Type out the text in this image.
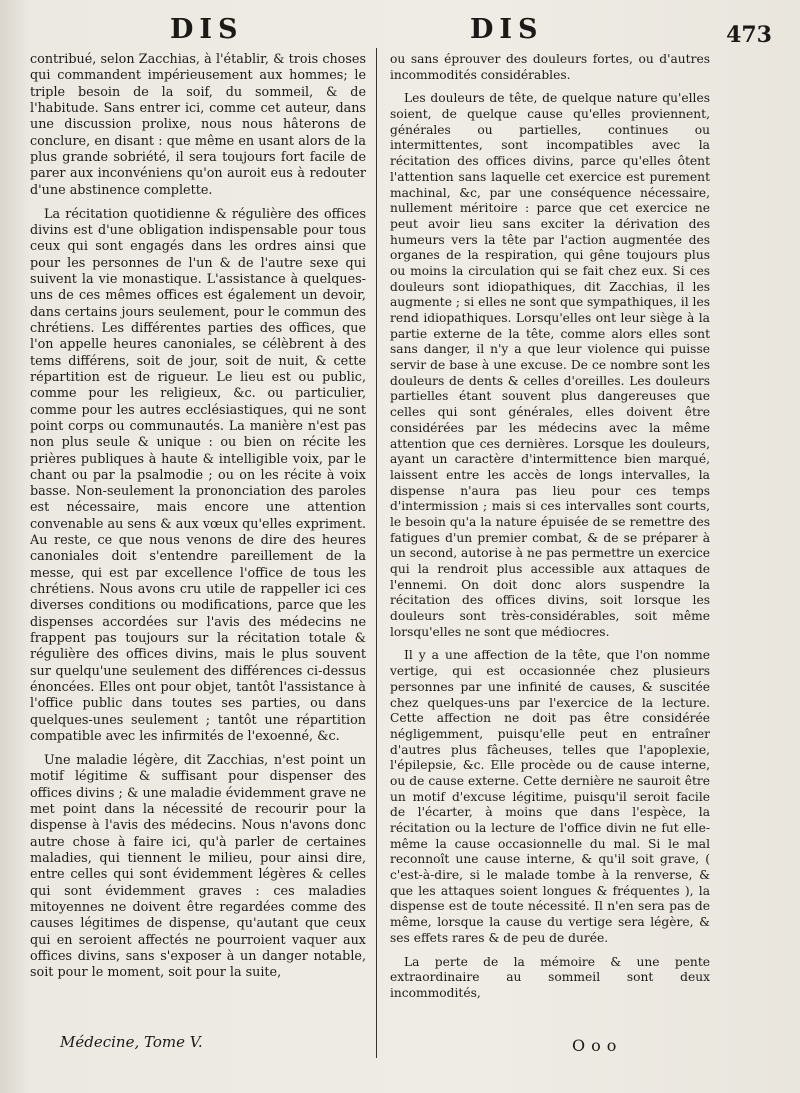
DIS	DIS	473

contribué, selon Zacchias, à l'établir, & trois choses qui commandent impérieusement aux hommes; le triple besoin de la soif, du sommeil, & de l'habitude. Sans entrer ici, comme cet auteur, dans une discussion prolixe, nous nous hâterons de conclure, en disant : que même en usant alors de la plus grande sobriété, il sera toujours fort facile de parer aux inconvéniens qu'on auroit eus à redouter d'une abstinence complette.

La récitation quotidienne & régulière des offices divins est d'une obligation indispensable pour tous ceux qui sont engagés dans les ordres ainsi que pour les personnes de l'un & de l'autre sexe qui suivent la vie monastique. L'assistance à quelques-uns de ces mêmes offices est également un devoir, dans certains jours seulement, pour le commun des chrétiens. Les différentes parties des offices, que l'on appelle heures canoniales, se célèbrent à des tems différens, soit de jour, soit de nuit, & cette répartition est de rigueur. Le lieu est ou public, comme pour les religieux, &c. ou particulier, comme pour les autres ecclésiastiques, qui ne sont point corps ou communautés. La manière n'est pas non plus seule & unique : ou bien on récite les prières publiques à haute & intelligible voix, par le chant ou par la psalmodie ; ou on les récite à voix basse. Non-seulement la prononciation des paroles est nécessaire, mais encore une attention convenable au sens & aux vœux qu'elles expriment. Au reste, ce que nous venons de dire des heures canoniales doit s'entendre pareillement de la messe, qui est par excellence l'office de tous les chrétiens. Nous avons cru utile de rappeller ici ces diverses conditions ou modifications, parce que les dispenses accordées sur l'avis des médecins ne frappent pas toujours sur la récitation totale & régulière des offices divins, mais le plus souvent sur quelqu'une seulement des différences ci-dessus énoncées. Elles ont pour objet, tantôt l'assistance à l'office public dans toutes ses parties, ou dans quelques-unes seulement ; tantôt une répartition compatible avec les infirmités de l'exoenné, &c.

Une maladie légère, dit Zacchias, n'est point un motif légitime & suffisant pour dispenser des offices divins ; & une maladie évidemment grave ne met point dans la nécessité de recourir pour la dispense à l'avis des médecins. Nous n'avons donc autre chose à faire ici, qu'à parler de certaines maladies, qui tiennent le milieu, pour ainsi dire, entre celles qui sont évidemment légères & celles qui sont évidemment graves : ces maladies mitoyennes ne doivent être regardées comme des causes légitimes de dispense, qu'autant que ceux qui en seroient affectés ne pourroient vaquer aux offices divins, sans s'exposer à un danger notable, soit pour le moment, soit pour la suite,

ou sans éprouver des douleurs fortes, ou d'autres incommodités considérables.

Les douleurs de tête, de quelque nature qu'elles soient, de quelque cause qu'elles proviennent, générales ou partielles, continues ou intermittentes, sont incompatibles avec la récitation des offices divins, parce qu'elles ôtent l'attention sans laquelle cet exercice est purement machinal, &c, par une conséquence nécessaire, nullement méritoire : parce que cet exercice ne peut avoir lieu sans exciter la dérivation des humeurs vers la tête par l'action augmentée des organes de la respiration, qui gêne toujours plus ou moins la circulation qui se fait chez eux. Si ces douleurs sont idiopathiques, dit Zacchias, il les augmente ; si elles ne sont que sympathiques, il les rend idiopathiques. Lorsqu'elles ont leur siège à la partie externe de la tête, comme alors elles sont sans danger, il n'y a que leur violence qui puisse servir de base à une excuse. De ce nombre sont les douleurs de dents & celles d'oreilles. Les douleurs partielles étant souvent plus dangereuses que celles qui sont générales, elles doivent être considérées par les médecins avec la même attention que ces dernières. Lorsque les douleurs, ayant un caractère d'intermittence bien marqué, laissent entre les accès de longs intervalles, la dispense n'aura pas lieu pour ces temps d'intermission ; mais si ces intervalles sont courts, le besoin qu'a la nature épuisée de se remettre des fatigues d'un premier combat, & de se préparer à un second, autorise à ne pas permettre un exercice qui la rendroit plus accessible aux attaques de l'ennemi. On doit donc alors suspendre la récitation des offices divins, soit lorsque les douleurs sont très-considérables, soit même lorsqu'elles ne sont que médiocres.

Il y a une affection de la tête, que l'on nomme vertige, qui est occasionnée chez plusieurs personnes par une infinité de causes, & suscitée chez quelques-uns par l'exercice de la lecture. Cette affection ne doit pas être considérée négligemment, puisqu'elle peut en entraîner d'autres plus fâcheuses, telles que l'apoplexie, l'épilepsie, &c. Elle procède ou de cause interne, ou de cause externe. Cette dernière ne sauroit être un motif d'excuse légitime, puisqu'il seroit facile de l'écarter, à moins que dans l'espèce, la récitation ou la lecture de l'office divin ne fut elle-même la cause occasionnelle du mal. Si le mal reconnoît une cause interne, & qu'il soit grave, ( c'est-à-dire, si le malade tombe à la renverse, & que les attaques soient longues & fréquentes ), la dispense est de toute nécessité. Il n'en sera pas de même, lorsque la cause du vertige sera légère, & ses effets rares & de peu de durée.

La perte de la mémoire & une pente extraordinaire au sommeil sont deux incommodités,

Médecine, Tome V.	Ooo
